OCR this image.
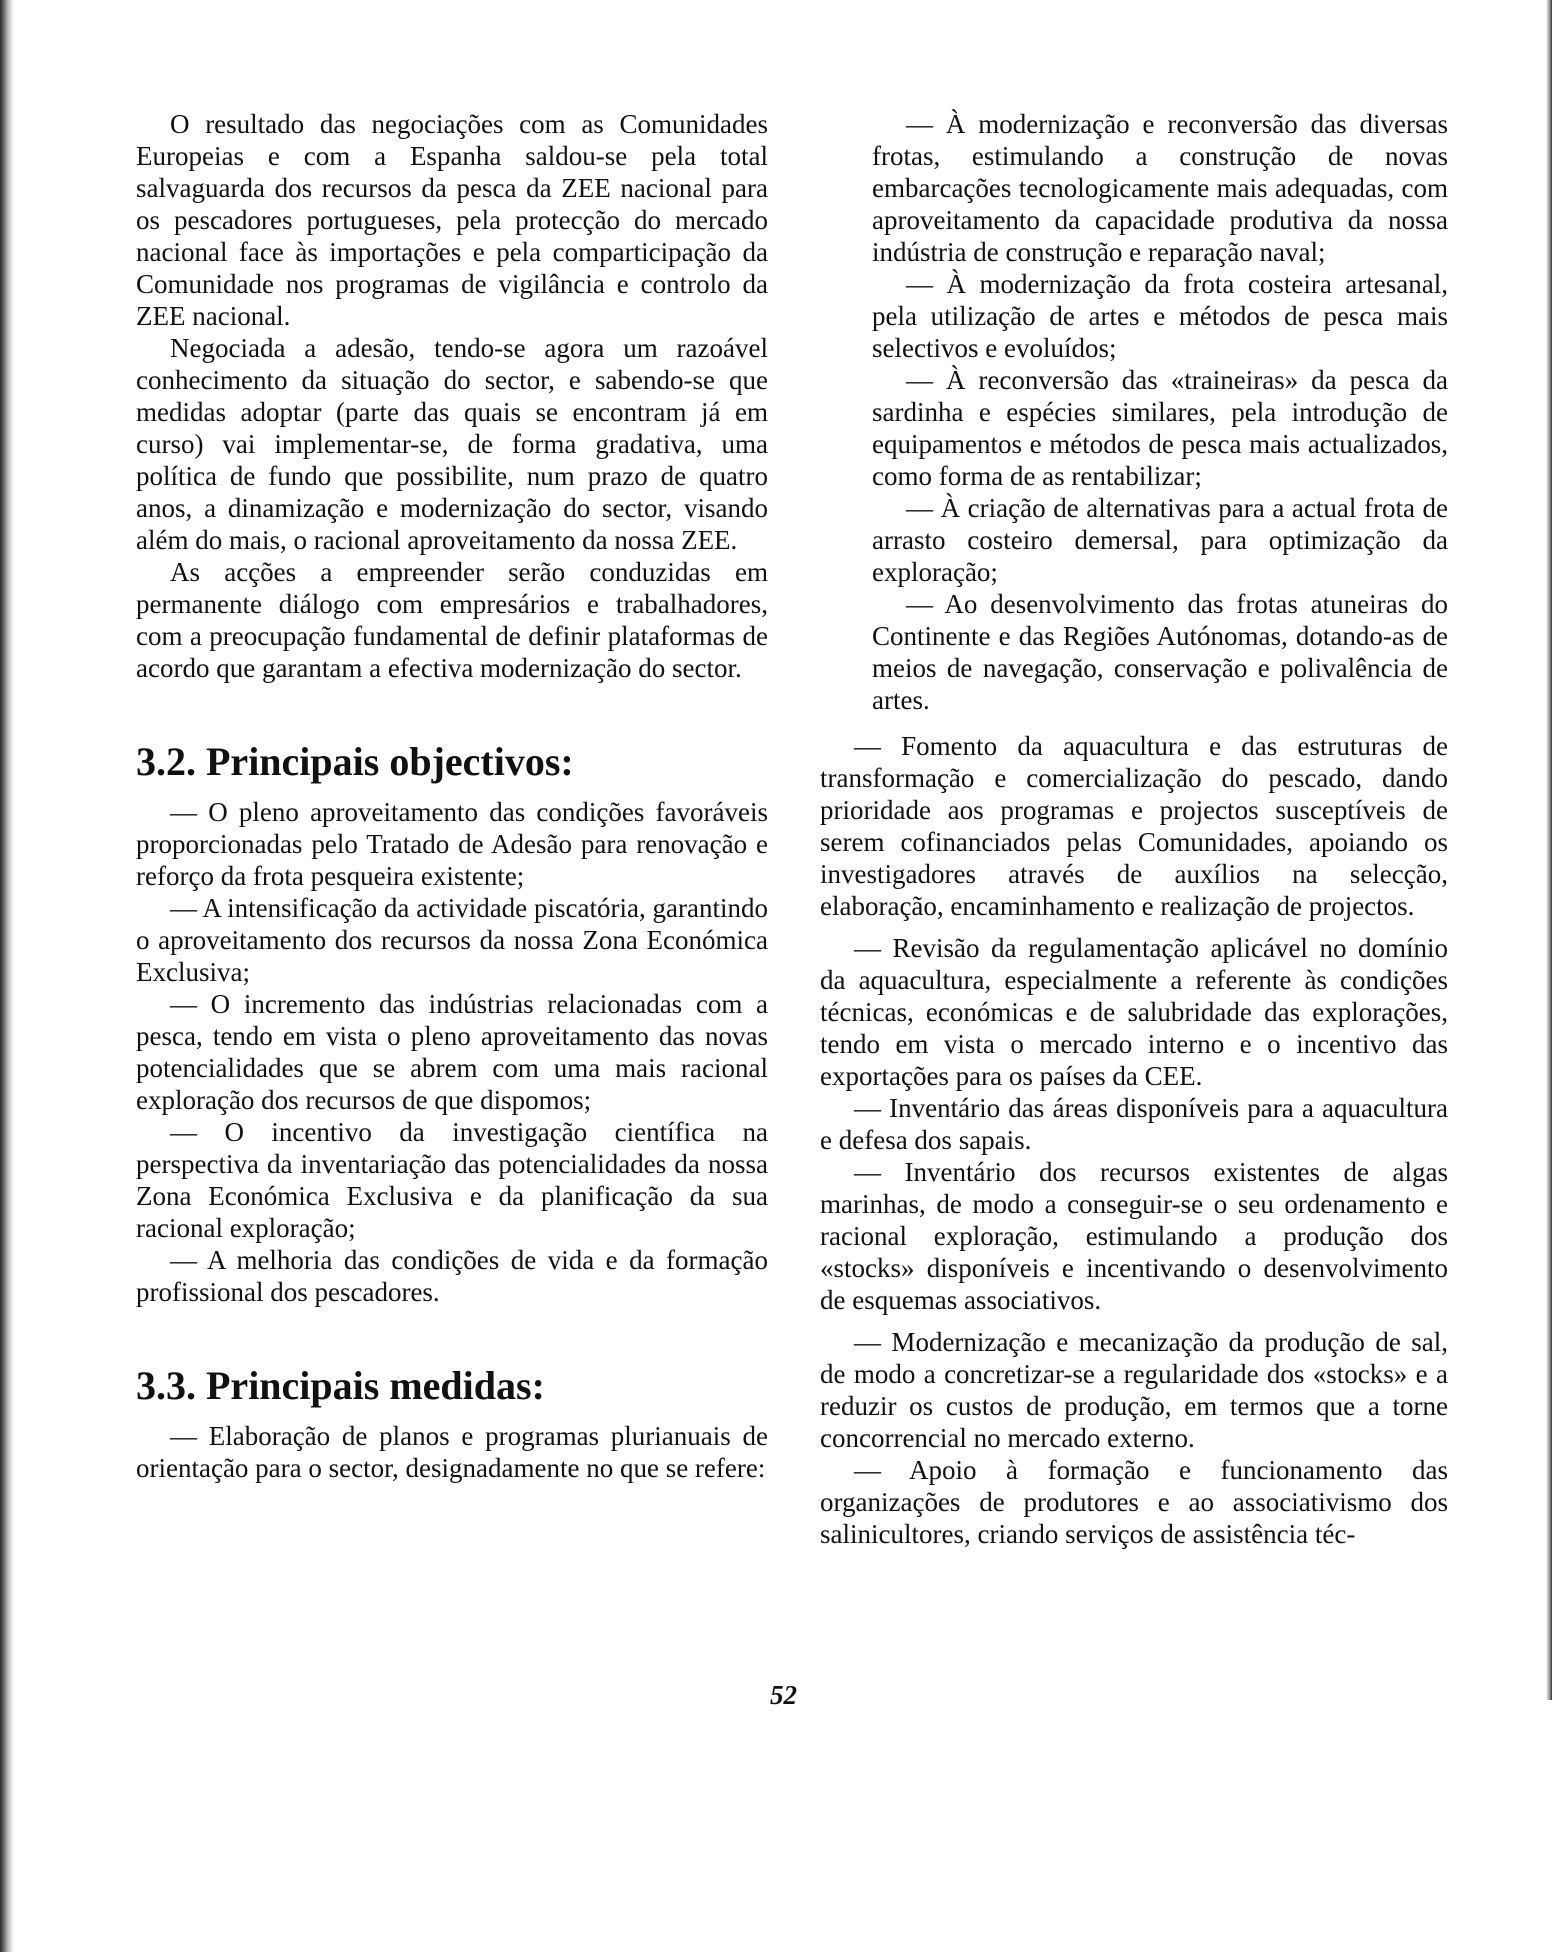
O resultado das negociações com as Comunidades Europeias e com a Espanha saldou-se pela total salvaguarda dos recursos da pesca da ZEE nacional para os pescadores portugueses, pela protecção do mercado nacional face às importações e pela comparticipação da Comunidade nos programas de vigilância e controlo da ZEE nacional.

Negociada a adesão, tendo-se agora um razoável conhecimento da situação do sector, e sabendo-se que medidas adoptar (parte das quais se encontram já em curso) vai implementar-se, de forma gradativa, uma política de fundo que possibilite, num prazo de quatro anos, a dinamização e modernização do sector, visando além do mais, o racional aproveitamento da nossa ZEE.

As acções a empreender serão conduzidas em permanente diálogo com empresários e trabalhadores, com a preocupação fundamental de definir plataformas de acordo que garantam a efectiva modernização do sector.

3.2. Principais objectivos:

— O pleno aproveitamento das condições favoráveis proporcionadas pelo Tratado de Adesão para renovação e reforço da frota pesqueira existente;

— A intensificação da actividade piscatória, garantindo o aproveitamento dos recursos da nossa Zona Económica Exclusiva;

— O incremento das indústrias relacionadas com a pesca, tendo em vista o pleno aproveitamento das novas potencialidades que se abrem com uma mais racional exploração dos recursos de que dispomos;

— O incentivo da investigação científica na perspectiva da inventariação das potencialidades da nossa Zona Económica Exclusiva e da planificação da sua racional exploração;

— A melhoria das condições de vida e da formação profissional dos pescadores.

3.3. Principais medidas:

— Elaboração de planos e programas plurianuais de orientação para o sector, designadamente no que se refere:

— À modernização e reconversão das diversas frotas, estimulando a construção de novas embarcações tecnologicamente mais adequadas, com aproveitamento da capacidade produtiva da nossa indústria de construção e reparação naval;

— À modernização da frota costeira artesanal, pela utilização de artes e métodos de pesca mais selectivos e evoluídos;

— À reconversão das «traineiras» da pesca da sardinha e espécies similares, pela introdução de equipamentos e métodos de pesca mais actualizados, como forma de as rentabilizar;

— À criação de alternativas para a actual frota de arrasto costeiro demersal, para optimização da exploração;

— Ao desenvolvimento das frotas atuneiras do Continente e das Regiões Autónomas, dotando-as de meios de navegação, conservação e polivalência de artes.

— Fomento da aquacultura e das estruturas de transformação e comercialização do pescado, dando prioridade aos programas e projectos susceptíveis de serem cofinanciados pelas Comunidades, apoiando os investigadores através de auxílios na selecção, elaboração, encaminhamento e realização de projectos.

— Revisão da regulamentação aplicável no domínio da aquacultura, especialmente a referente às condições técnicas, económicas e de salubridade das explorações, tendo em vista o mercado interno e o incentivo das exportações para os países da CEE.

— Inventário das áreas disponíveis para a aquacultura e defesa dos sapais.

— Inventário dos recursos existentes de algas marinhas, de modo a conseguir-se o seu ordenamento e racional exploração, estimulando a produção dos «stocks» disponíveis e incentivando o desenvolvimento de esquemas associativos.

— Modernização e mecanização da produção de sal, de modo a concretizar-se a regularidade dos «stocks» e a reduzir os custos de produção, em termos que a torne concorrencial no mercado externo.

— Apoio à formação e funcionamento das organizações de produtores e ao associativismo dos salinicultores, criando serviços de assistência téc-

52
